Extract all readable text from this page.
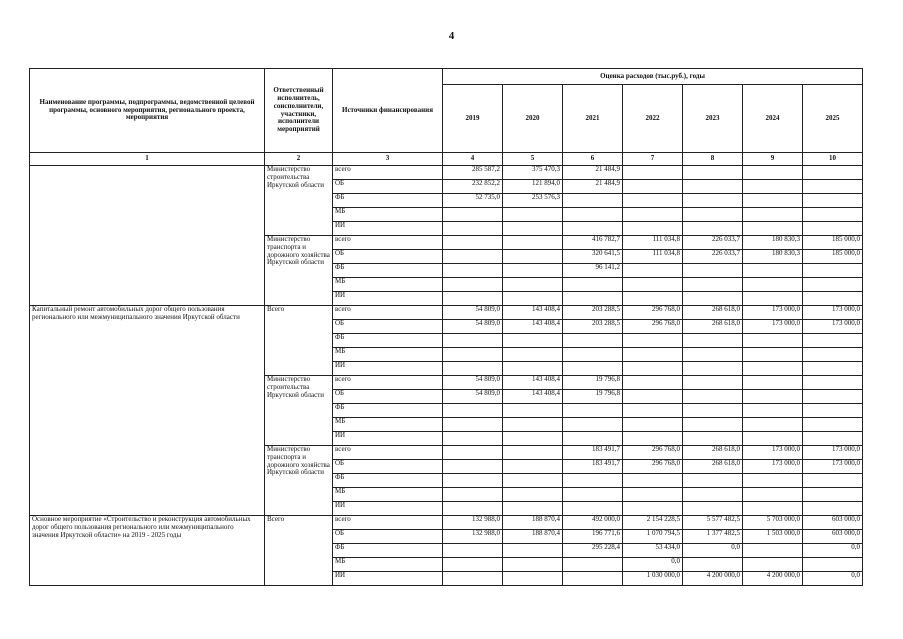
4
Наименование программы, подпрограммы, ведомственной целевой программы, основного мероприятия, регионального проекта, мероприятия	Ответственный исполнитель, соисполнители, участники, исполнители мероприятий	Источники финансирования	Оценка расходов (тыс.руб.), годы						
			2019	2020	2021	2022	2023	2024	2025
1	2	3	4	5	6	7	8	9	10
	Министерство строительства Иркутской области	всего	285 587,2	375 470,3	21 484,9				
		ОБ	232 852,2	121 894,0	21 484,9				
		ФБ	52 735,0	253 576,3					
		МБ							
		ИИ							
	Министерство транспорта и дорожного хозяйства Иркутской области	всего			416 782,7	111 034,8	226 033,7	180 830,3	185 000,0
		ОБ			320 641,5	111 034,8	226 033,7	180 830,3	185 000,0
		ФБ			96 141,2				
		МБ							
		ИИ							
Капитальный ремонт автомобильных дорог общего пользования регионального или межмуниципального значения Иркутской области	Всего	всего	54 809,0	143 408,4	203 288,5	296 768,0	268 618,0	173 000,0	173 000,0
		ОБ	54 809,0	143 408,4	203 288,5	296 768,0	268 618,0	173 000,0	173 000,0
		ФБ							
		МБ							
		ИИ							
	Министерство строительства Иркутской области	всего	54 809,0	143 408,4	19 796,8				
		ОБ	54 809,0	143 408,4	19 796,8				
		ФБ							
		МБ							
		ИИ							
	Министерство транспорта и дорожного хозяйства Иркутской области	всего			183 491,7	296 768,0	268 618,0	173 000,0	173 000,0
		ОБ			183 491,7	296 768,0	268 618,0	173 000,0	173 000,0
		ФБ							
		МБ							
		ИИ							
Основное мероприятие «Строительство и реконструкция автомобильных дорог общего пользования регионального или межмуниципального значения Иркутской области» на 2019 - 2025 годы	Всего	всего	132 988,0	188 870,4	492 000,0	2 154 228,5	5 577 482,5	5 703 000,0	603 000,0
		ОБ	132 988,0	188 870,4	196 771,6	1 070 794,5	1 377 482,5	1 503 000,0	603 000,0
		ФБ			295 228,4	53 434,0	0,0		0,0
		МБ				0,0			
		ИИ				1 030 000,0	4 200 000,0	4 200 000,0	0,0
